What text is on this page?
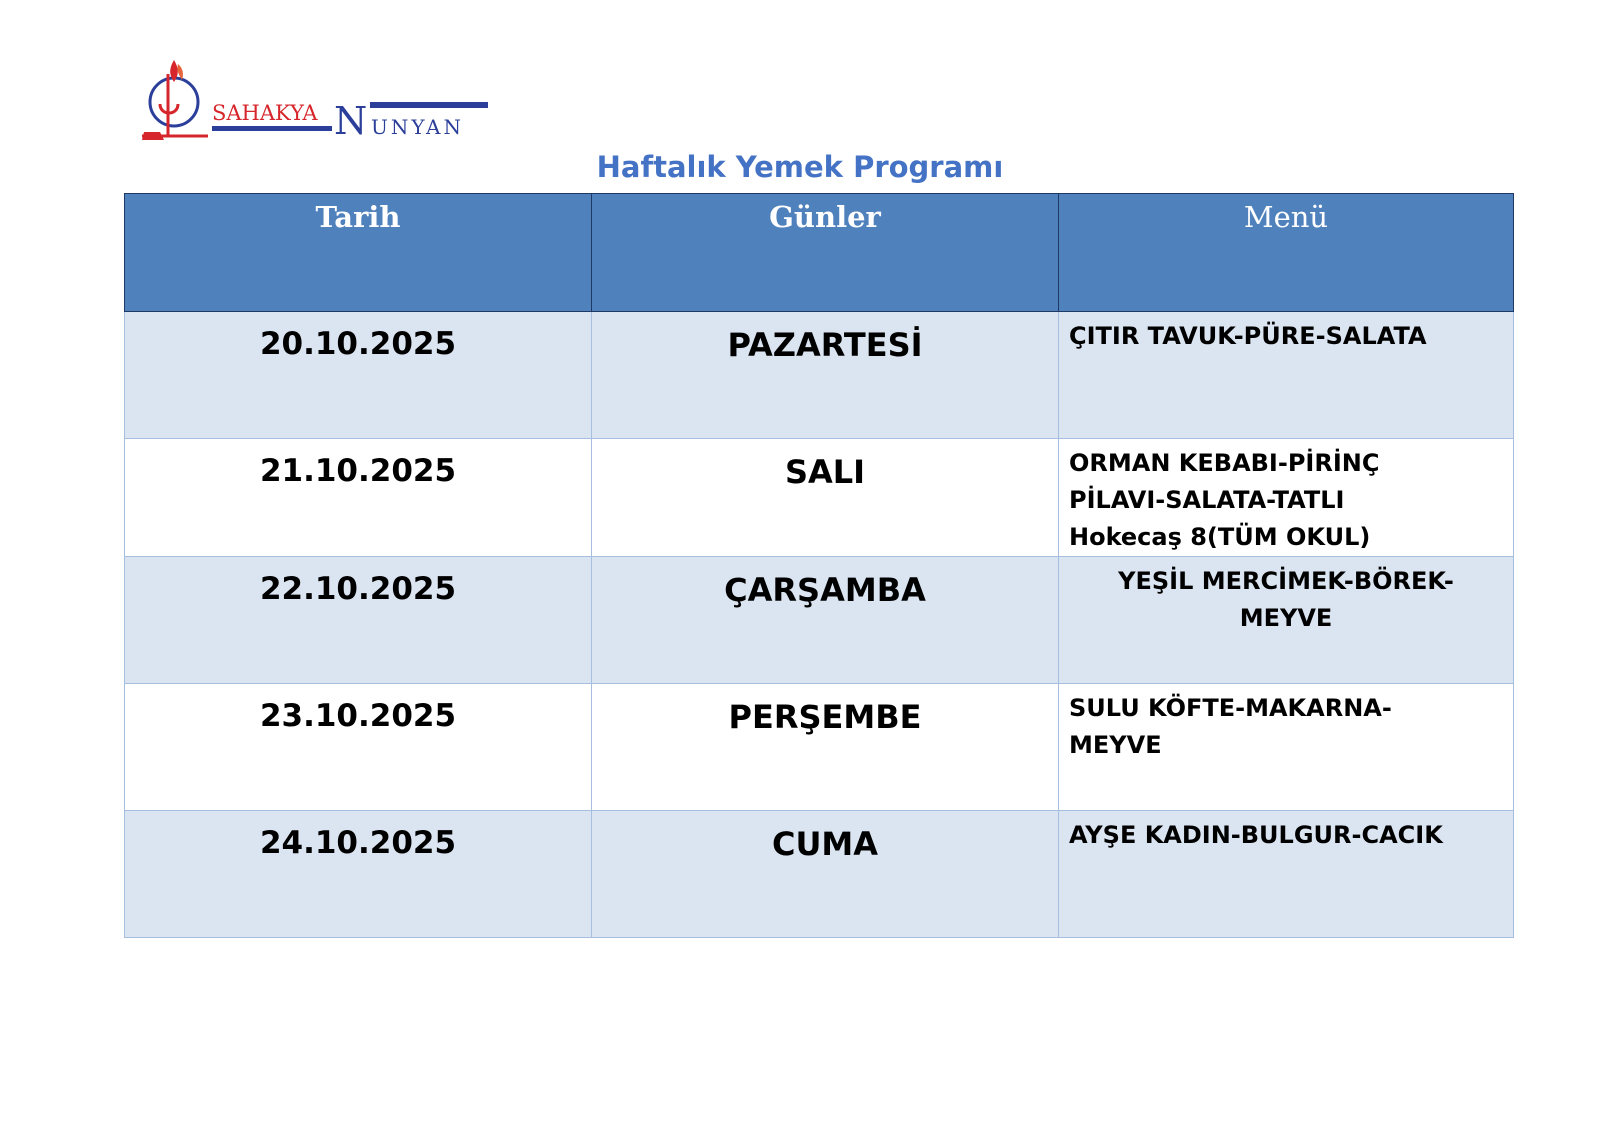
SAHAKYA N UNYAN
Haftalık Yemek Programı
Tarih	Günler	Menü
20.10.2025	PAZARTESİ	ÇITIR TAVUK-PÜRE-SALATA

21.10.2025	SALI	ORMAN KEBABI-PİRİNÇ
PİLAVI-SALATA-TATLI
Hokecaş 8(TÜM OKUL)

22.10.2025	ÇARŞAMBA	YEŞİL MERCİMEK-BÖREK-
MEYVE

23.10.2025	PERŞEMBE	SULU KÖFTE-MAKARNA-
MEYVE

24.10.2025	CUMA	AYŞE KADIN-BULGUR-CACIK
